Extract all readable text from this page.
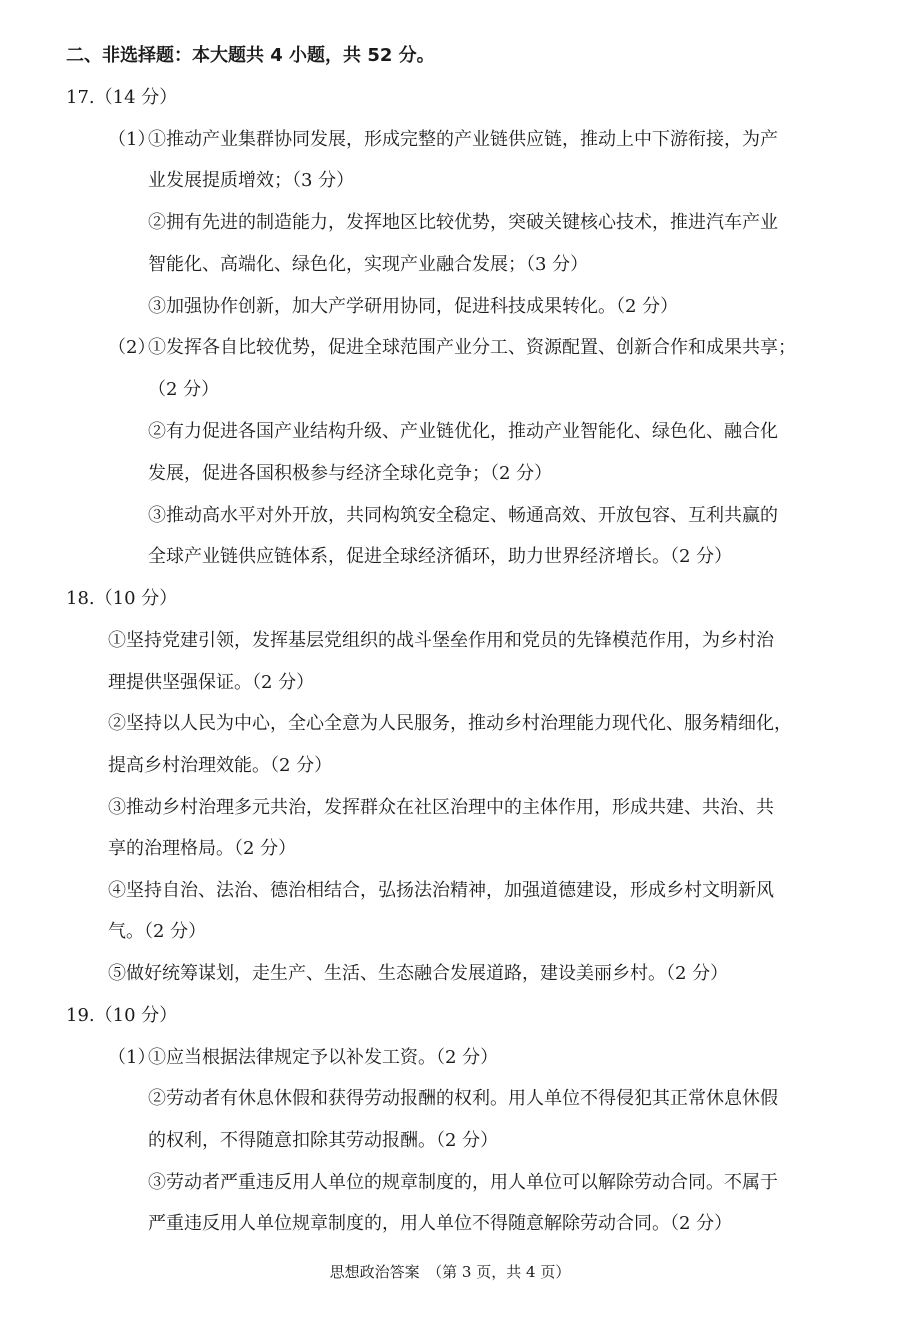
二、非选择题：本大题共 4 小题，共 52 分。
17.（14 分）
（1）
①推动产业集群协同发展，形成完整的产业链供应链，推动上中下游衔接，为产
业发展提质增效；（3 分）
②拥有先进的制造能力，发挥地区比较优势，突破关键核心技术，推进汽车产业
智能化、高端化、绿色化，实现产业融合发展；（3 分）
③加强协作创新，加大产学研用协同，促进科技成果转化。（2 分）
（2）
①发挥各自比较优势，促进全球范围产业分工、资源配置、创新合作和成果共享；
（2 分）
②有力促进各国产业结构升级、产业链优化，推动产业智能化、绿色化、融合化
发展，促进各国积极参与经济全球化竞争；（2 分）
③推动高水平对外开放，共同构筑安全稳定、畅通高效、开放包容、互利共赢的
全球产业链供应链体系，促进全球经济循环，助力世界经济增长。（2 分）
18.（10 分）
①坚持党建引领，发挥基层党组织的战斗堡垒作用和党员的先锋模范作用，为乡村治
理提供坚强保证。（2 分）
②坚持以人民为中心，全心全意为人民服务，推动乡村治理能力现代化、服务精细化，
提高乡村治理效能。（2 分）
③推动乡村治理多元共治，发挥群众在社区治理中的主体作用，形成共建、共治、共
享的治理格局。（2 分）
④坚持自治、法治、德治相结合，弘扬法治精神，加强道德建设，形成乡村文明新风
气。（2 分）
⑤做好统筹谋划，走生产、生活、生态融合发展道路，建设美丽乡村。（2 分）
19.（10 分）
（1）
①应当根据法律规定予以补发工资。（2 分）
②劳动者有休息休假和获得劳动报酬的权利。用人单位不得侵犯其正常休息休假
的权利，不得随意扣除其劳动报酬。（2 分）
③劳动者严重违反用人单位的规章制度的，用人单位可以解除劳动合同。不属于
严重违反用人单位规章制度的，用人单位不得随意解除劳动合同。（2 分）
思想政治答案　（第 3 页，共 4 页）
